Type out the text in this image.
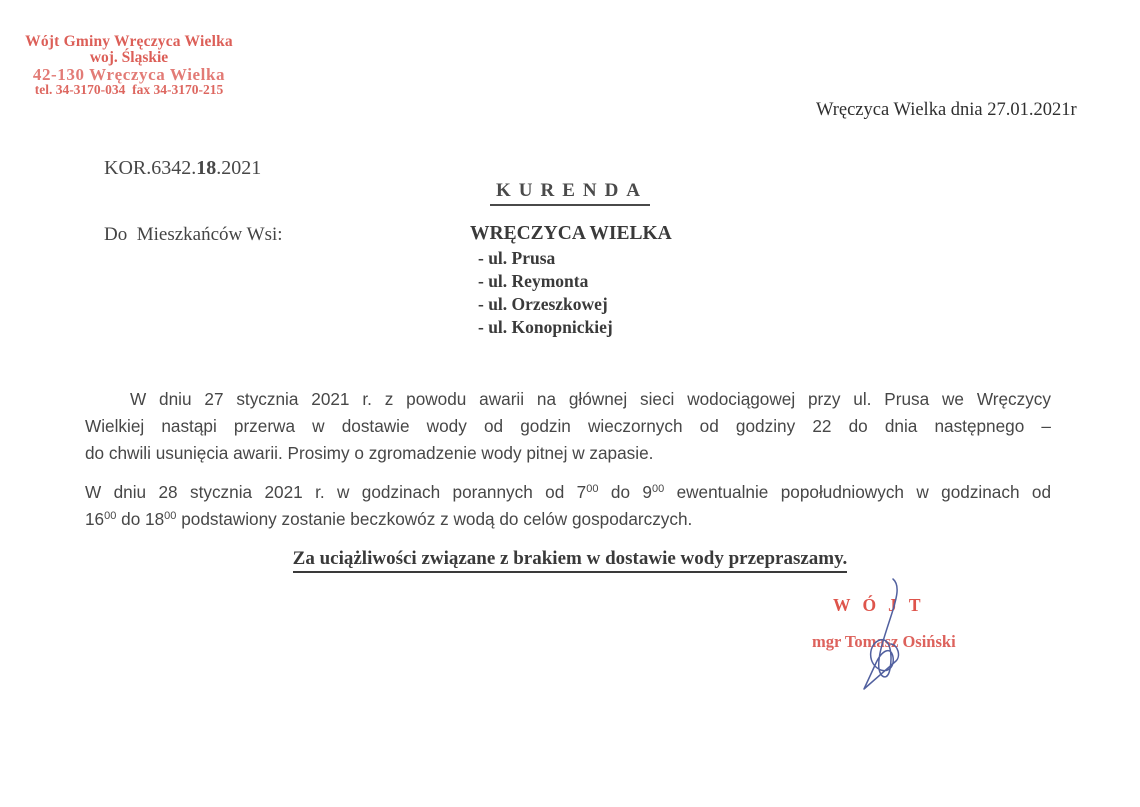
Wójt Gminy Wręczyca Wielka
woj. Śląskie
42-130 Wręczyca Wielka
tel. 34-3170-034  fax 34-3170-215
Wręczyca Wielka dnia 27.01.2021r
KOR.6342.18.2021
KURENDA
Do  Mieszkańców Wsi:	WRĘCZYCA WIELKA
- ul. Prusa
- ul. Reymonta
- ul. Orzeszkowej
- ul. Konopnickiej
W dniu 27 stycznia 2021 r. z powodu awarii na głównej sieci wodociągowej przy ul. Prusa we Wręczycy
Wielkiej nastąpi przerwa w dostawie wody od godzin wieczornych od godziny 22 do dnia następnego –
do chwili usunięcia awarii. Prosimy o zgromadzenie wody pitnej w zapasie.
W dniu 28 stycznia 2021 r. w godzinach porannych od $7^{00}$ do $9^{00}$ ewentualnie popołudniowych w godzinach od
$16^{00}$ do $18^{00}$ podstawiony zostanie beczkowóz z wodą do celów gospodarczych.
Za uciążliwości związane z brakiem w dostawie wody przepraszamy.
WÓJT
mgr Tomasz Osiński
